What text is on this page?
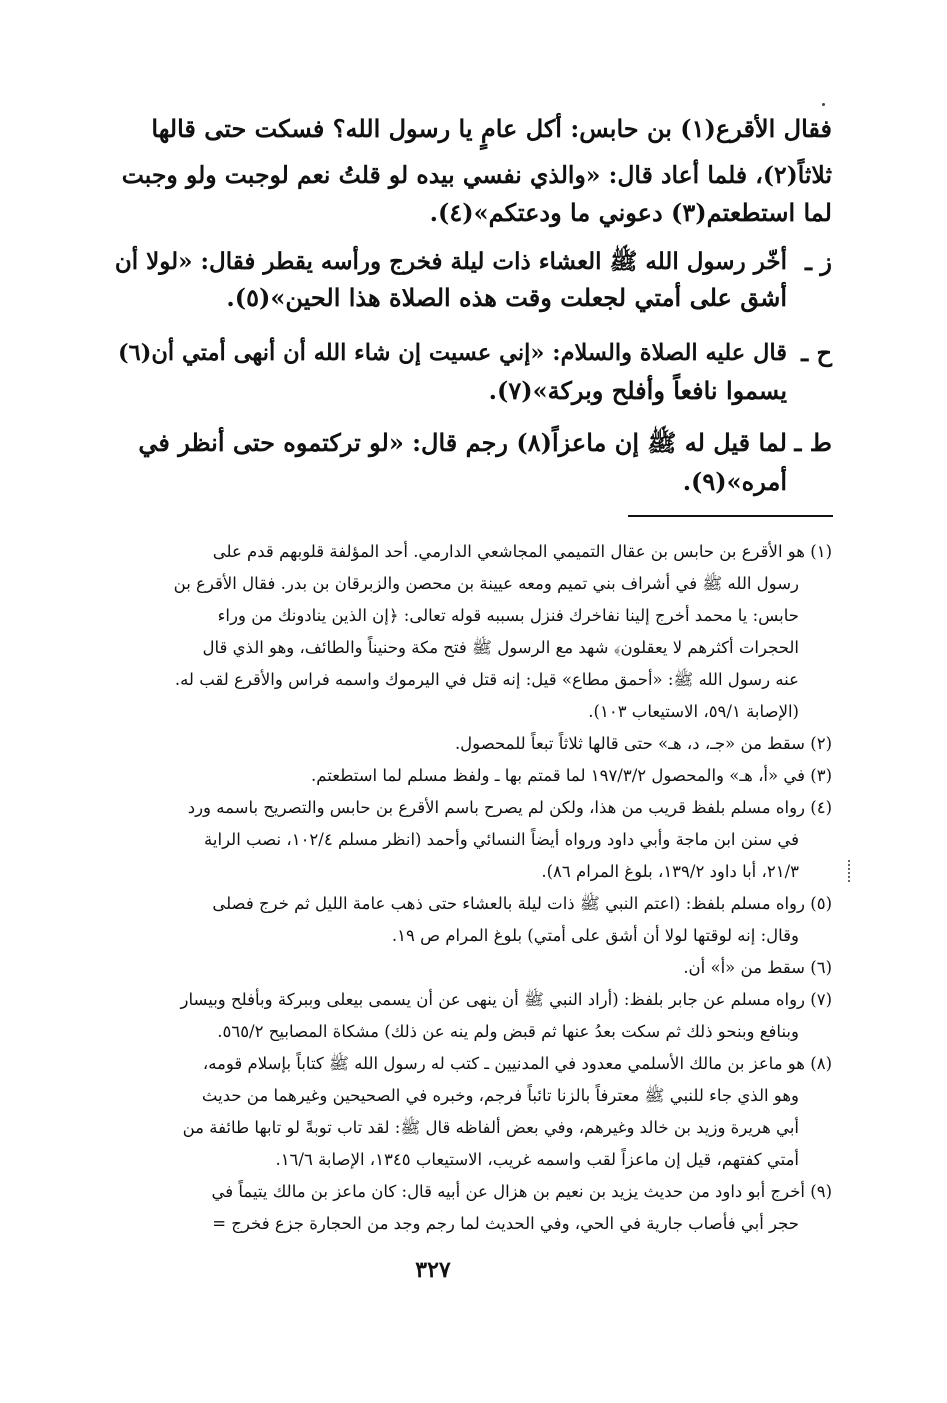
فقال الأقرع(١) بن حابس: أكل عامٍ يا رسول الله؟ فسكت حتى قالها
ثلاثاً(٢)، فلما أعاد قال: «والذي نفسي بيده لو قلتُ نعم لوجبت ولو وجبت
لما استطعتم(٣) دعوني ما ودعتكم»(٤).
ز ـ
أخّر رسول الله ﷺ العشاء ذات ليلة فخرج ورأسه يقطر فقال: «لولا أن
أشق على أمتي لجعلت وقت هذه الصلاة هذا الحين»(٥).
ح ـ
قال عليه الصلاة والسلام: «إني عسيت إن شاء الله أن أنهى أمتي أن(٦)
يسموا نافعاً وأفلح وبركة»(٧).
ط ـ
لما قيل له ﷺ إن ماعزاً(٨) رجم قال: «لو تركتموه حتى أنظر في
أمره»(٩).
(١) هو الأقرع بن حابس بن عقال التميمي المجاشعي الدارمي. أحد المؤلفة قلوبهم قدم على
رسول الله ﷺ في أشراف بني تميم ومعه عيينة بن محصن والزبرقان بن بدر. فقال الأقرع بن
حابس: يا محمد أخرج إلينا نفاخرك فنزل بسببه قوله تعالى: ﴿إن الذين ينادونك من وراء
الحجرات أكثرهم لا يعقلون﴾ شهد مع الرسول ﷺ فتح مكة وحنيناً والطائف، وهو الذي قال
عنه رسول الله ﷺ: «أحمق مطاع» قيل: إنه قتل في اليرموك واسمه فراس والأقرع لقب له.
(الإصابة ٥٩/١، الاستيعاب ١٠٣).
(٢) سقط من «جـ، د، هـ» حتى قالها ثلاثاً تبعاً للمحصول.
(٣) في «أ، هـ» والمحصول ١٩٧/٣/٢ لما قمتم بها ـ ولفظ مسلم لما استطعتم.
(٤) رواه مسلم بلفظ قريب من هذا، ولكن لم يصرح باسم الأقرع بن حابس والتصريح باسمه ورد
في سنن ابن ماجة وأبي داود ورواه أيضاً النسائي وأحمد (انظر مسلم ١٠٢/٤، نصب الراية
٢١/٣، أبا داود ١٣٩/٢، بلوغ المرام ٨٦).
(٥) رواه مسلم بلفظ: (اعتم النبي ﷺ ذات ليلة بالعشاء حتى ذهب عامة الليل ثم خرج فصلى
وقال: إنه لوقتها لولا أن أشق على أمتي) بلوغ المرام ص ١٩.
(٦) سقط من «أ» أن.
(٧) رواه مسلم عن جابر بلفظ: (أراد النبي ﷺ أن ينهى عن أن يسمى بيعلى وببركة وبأفلح وبيسار
وبنافع وبنحو ذلك ثم سكت بعدُ عنها ثم قبض ولم ينه عن ذلك) مشكاة المصابيح ٥٦٥/٢.
(٨) هو ماعز بن مالك الأسلمي معدود في المدنيين ـ كتب له رسول الله ﷺ كتاباً بإسلام قومه،
وهو الذي جاء للنبي ﷺ معترفاً بالزنا تائباً فرجم، وخبره في الصحيحين وغيرهما من حديث
أبي هريرة وزيد بن خالد وغيرهم، وفي بعض ألفاظه قال ﷺ: لقد تاب توبةً لو تابها طائفة من
أمتي كفتهم، قيل إن ماعزاً لقب واسمه غريب، الاستيعاب ١٣٤٥، الإصابة ١٦/٦.
(٩) أخرج أبو داود من حديث يزيد بن نعيم بن هزال عن أبيه قال: كان ماعز بن مالك يتيماً في
حجر أبي فأصاب جارية في الحي، وفي الحديث لما رجم وجد من الحجارة جزع فخرج =
٣٢٧
